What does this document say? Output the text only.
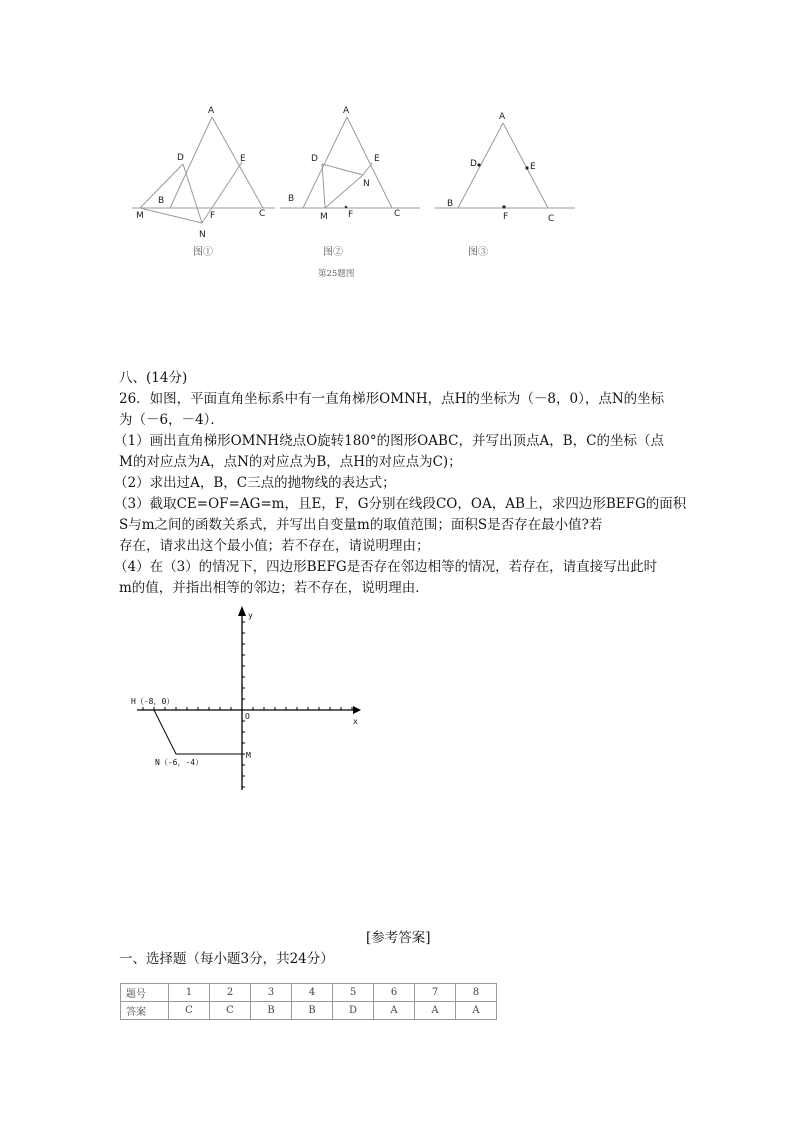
A
D	E
B
M	F	C
N
图①
A
D	E
N
B
M F	C
图②
A
D	E
B
F	C
图③
第25题图
八、(14分)
26．如图，平面直角坐标系中有一直角梯形OMNH，点H的坐标为（－8，0），点N的坐标
为（－6，－4）．
（1）画出直角梯形OMNH绕点O旋转180°的图形OABC，并写出顶点A，B，C的坐标（点
M的对应点为A，点N的对应点为B，点H的对应点为C)；
（2）求出过A，B，C三点的抛物线的表达式；
（3）截取CE=OF=AG=m，且E，F，G分别在线段CO，OA，AB上，求四边形BEFG的面积
S与m之间的函数关系式，并写出自变量m的取值范围；面积S是否存在最小值?若
存在，请求出这个最小值；若不存在，请说明理由；
（4）在（3）的情况下，四边形BEFG是否存在邻边相等的情况，若存在，请直接写出此时
m的值，并指出相等的邻边；若不存在，说明理由．
y
x
O
H（-8，0）
N（-6，-4）
M
[参考答案]
一、选择题（每小题3分，共24分）
题号	1	2	3	4	5	6	7	8
答案	C	C	B	B	D	A	A	A
